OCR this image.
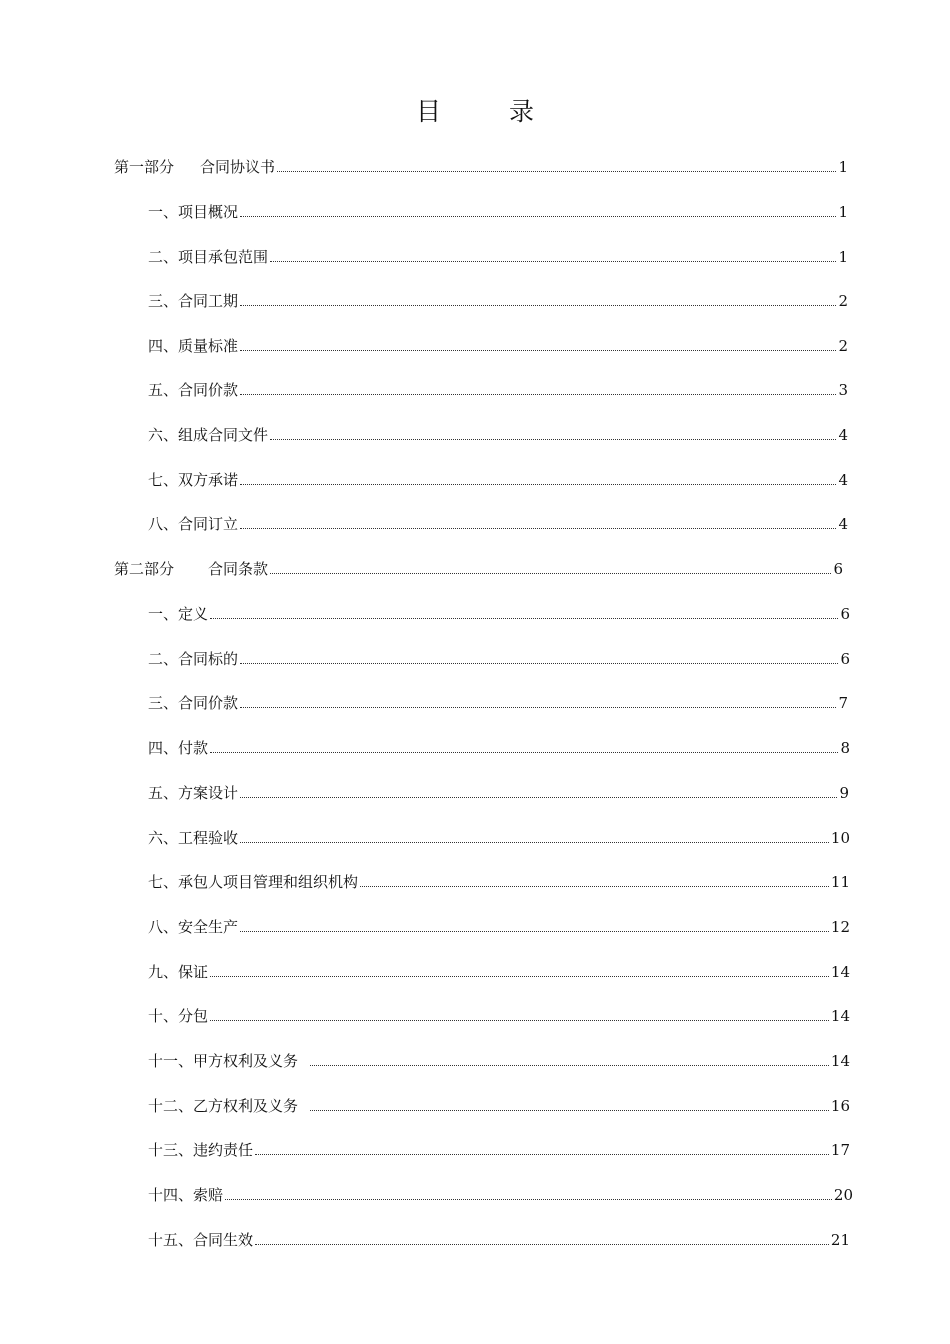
目 录
第一部分 合同协议书	1
一、项目概况	1
二、项目承包范围	1
三、合同工期	2
四、质量标准	2
五、合同价款	3
六、组成合同文件	4
七、双方承诺	4
八、合同订立	4
第二部分 合同条款	6
一、定义	6
二、合同标的	6
三、合同价款	7
四、付款	8
五、方案设计	9
六、工程验收	10
七、承包人项目管理和组织机构	11
八、安全生产	12
九、保证	14
十、分包	14
十一、甲方权利及义务	14
十二、乙方权利及义务	16
十三、违约责任	17
十四、索赔	20
十五、合同生效	21
